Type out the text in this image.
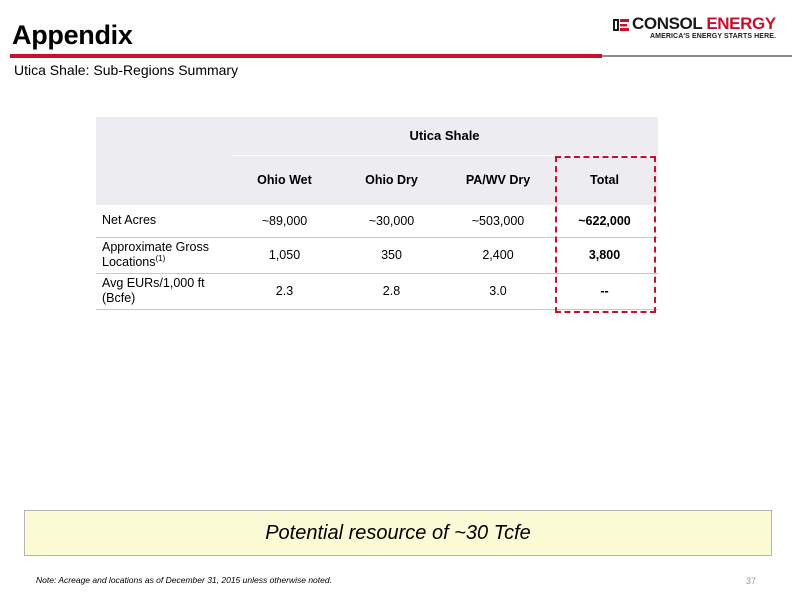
Appendix
Utica Shale: Sub-Regions Summary
CONSOL ENERGY
AMERICA'S ENERGY STARTS HERE.
	Utica Shale			
	Ohio Wet	Ohio Dry	PA/WV Dry	Total
Net Acres	~89,000	~30,000	~503,000	~622,000
Approximate Gross Locations$^{(1)}$	1,050	350	2,400	3,800
Avg EURs/1,000 ft (Bcfe)	2.3	2.8	3.0	--
Potential resource of ~30 Tcfe
Note: Acreage and locations as of December 31, 2015 unless otherwise noted.	37
